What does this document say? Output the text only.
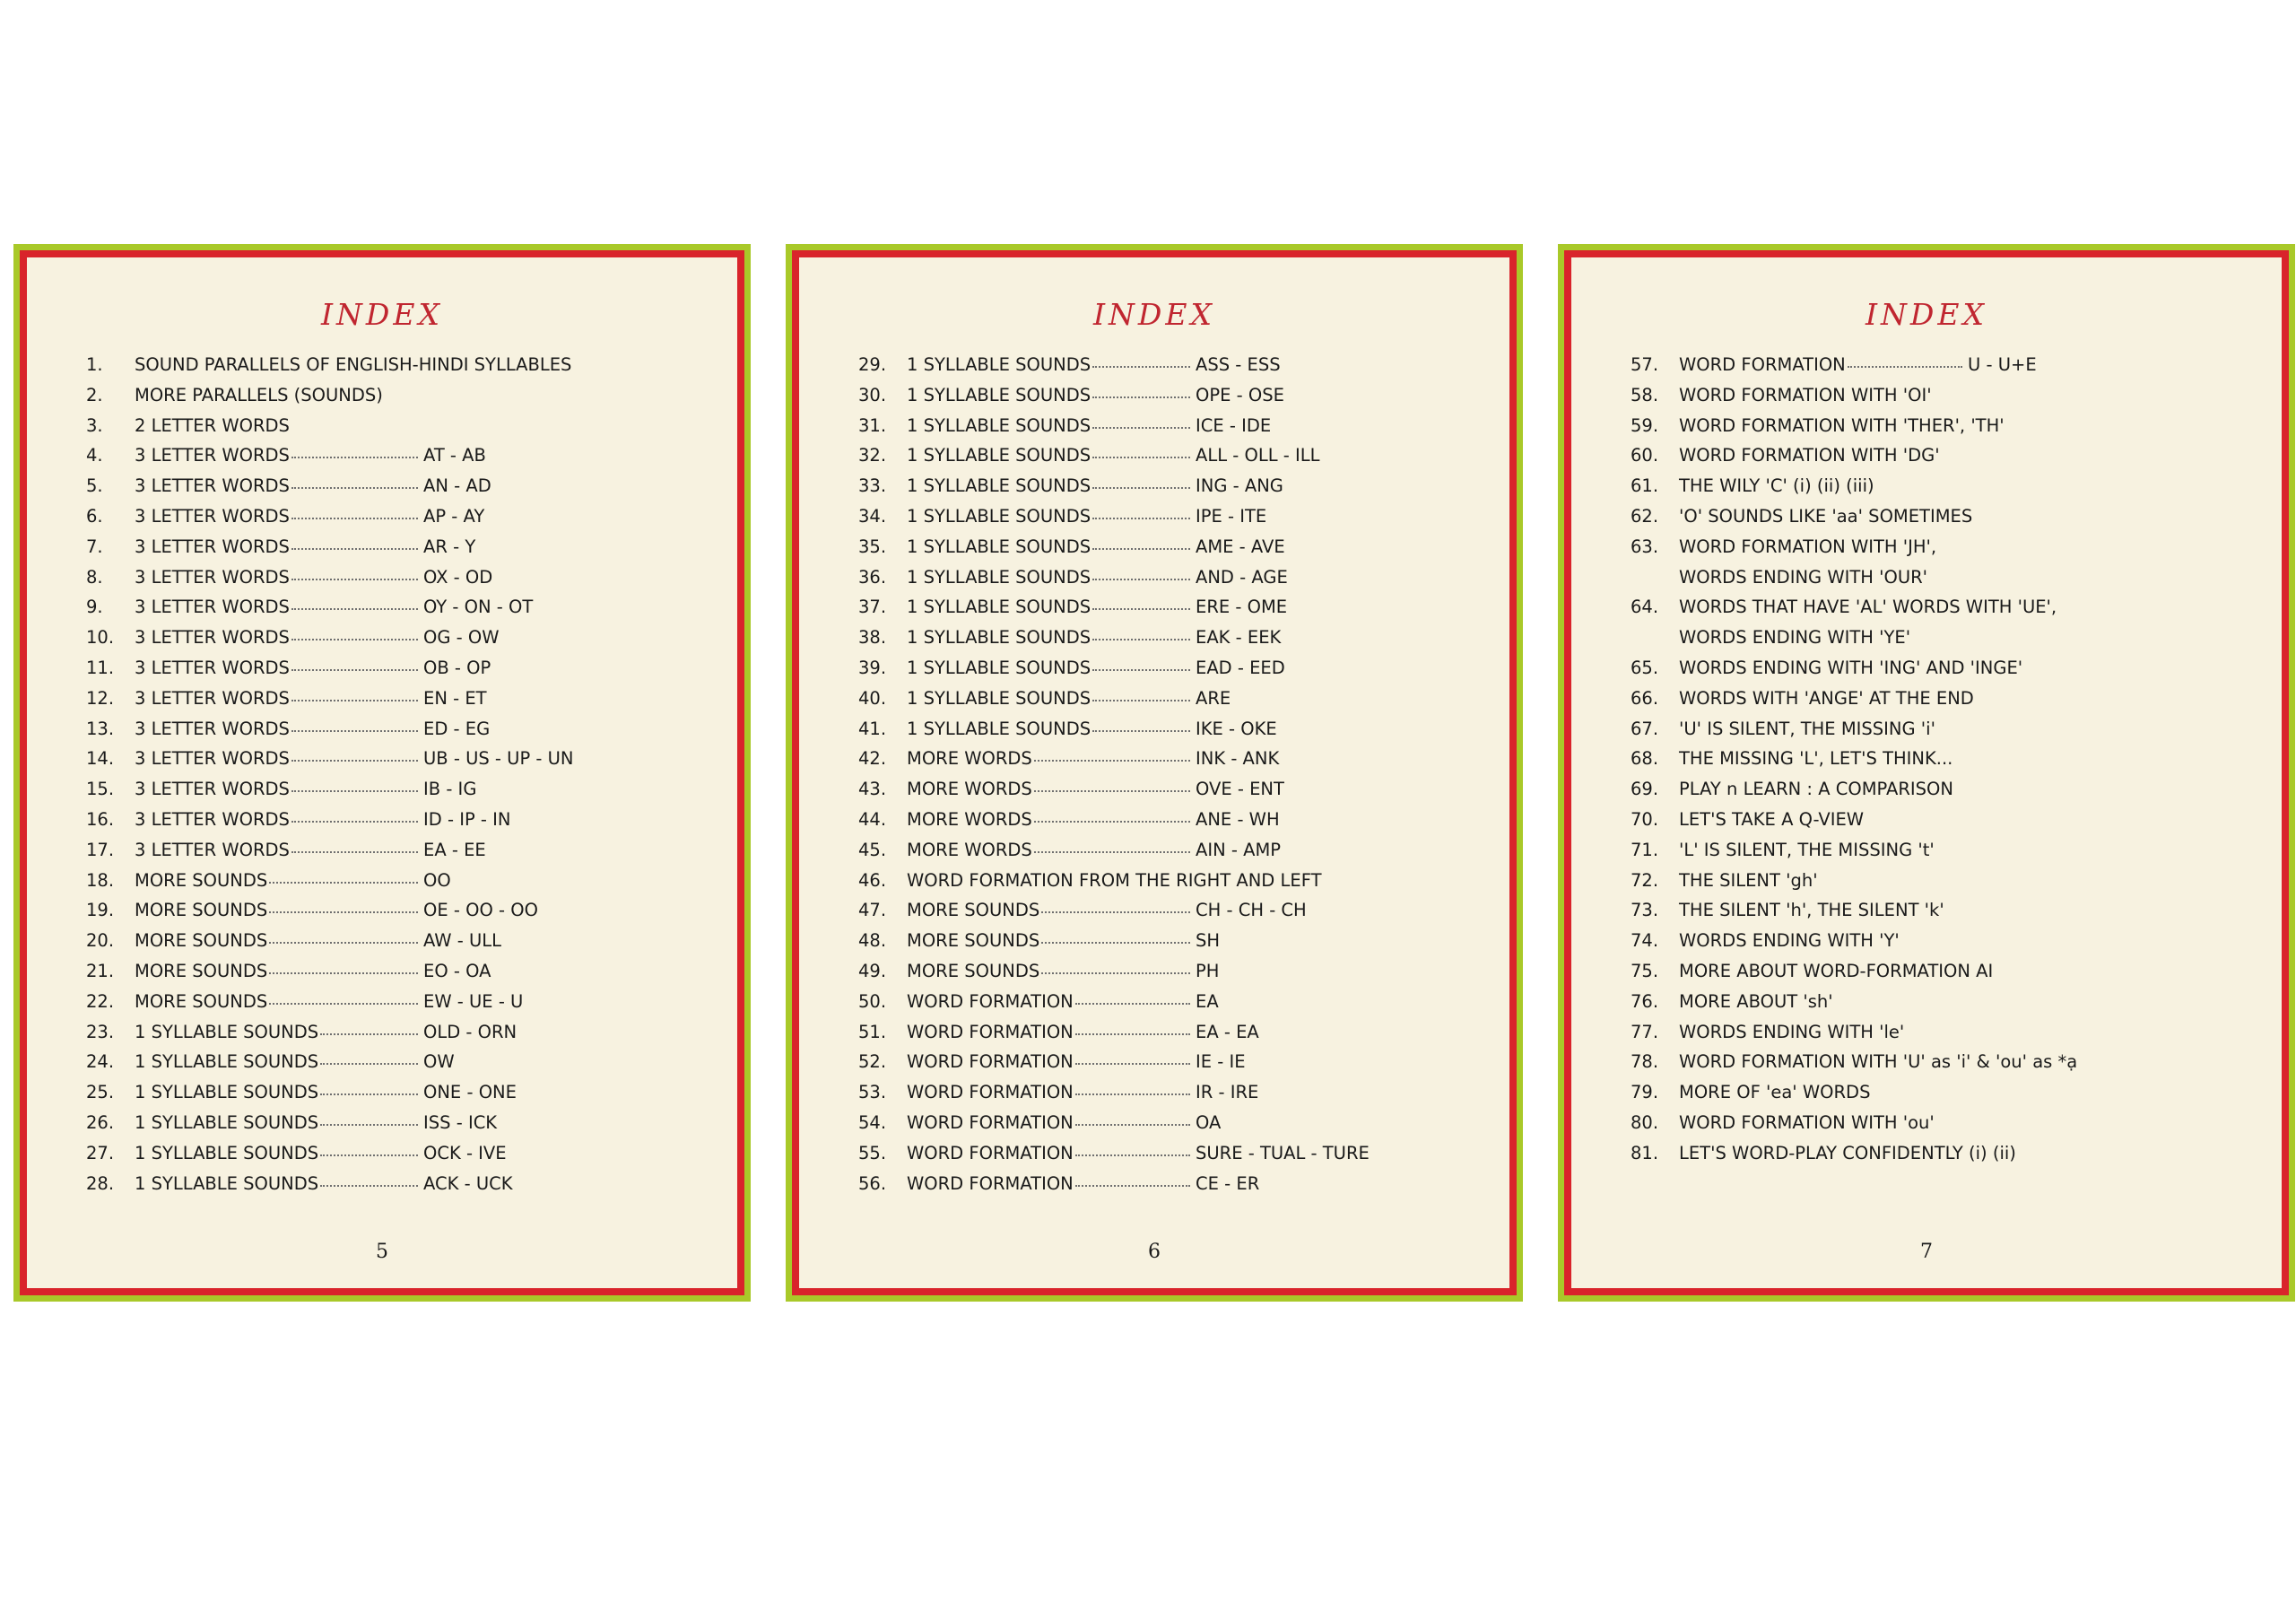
INDEX
1. SOUND PARALLELS OF ENGLISH-HINDI SYLLABLES
2. MORE PARALLELS (SOUNDS)
3. 2 LETTER WORDS
4. 3 LETTER WORDS	AT - AB
5. 3 LETTER WORDS	AN - AD
6. 3 LETTER WORDS	AP - AY
7. 3 LETTER WORDS	AR - Y
8. 3 LETTER WORDS	OX - OD
9. 3 LETTER WORDS	OY - ON - OT
10. 3 LETTER WORDS	OG - OW
11. 3 LETTER WORDS	OB - OP
12. 3 LETTER WORDS	EN - ET
13. 3 LETTER WORDS	ED - EG
14. 3 LETTER WORDS	UB - US - UP - UN
15. 3 LETTER WORDS	IB - IG
16. 3 LETTER WORDS	ID - IP - IN
17. 3 LETTER WORDS	EA - EE
18. MORE SOUNDS	OO
19. MORE SOUNDS	OE - OO - OO
20. MORE SOUNDS	AW - ULL
21. MORE SOUNDS	EO - OA
22. MORE SOUNDS	EW - UE - U
23. 1 SYLLABLE SOUNDS	OLD - ORN
24. 1 SYLLABLE SOUNDS	OW
25. 1 SYLLABLE SOUNDS	ONE - ONE
26. 1 SYLLABLE SOUNDS	ISS - ICK
27. 1 SYLLABLE SOUNDS	OCK - IVE
28. 1 SYLLABLE SOUNDS	ACK - UCK
5
INDEX
29. 1 SYLLABLE SOUNDS	ASS - ESS
30. 1 SYLLABLE SOUNDS	OPE - OSE
31. 1 SYLLABLE SOUNDS	ICE - IDE
32. 1 SYLLABLE SOUNDS	ALL - OLL - ILL
33. 1 SYLLABLE SOUNDS	ING - ANG
34. 1 SYLLABLE SOUNDS	IPE - ITE
35. 1 SYLLABLE SOUNDS	AME - AVE
36. 1 SYLLABLE SOUNDS	AND - AGE
37. 1 SYLLABLE SOUNDS	ERE - OME
38. 1 SYLLABLE SOUNDS	EAK - EEK
39. 1 SYLLABLE SOUNDS	EAD - EED
40. 1 SYLLABLE SOUNDS	ARE
41. 1 SYLLABLE SOUNDS	IKE - OKE
42. MORE WORDS	INK - ANK
43. MORE WORDS	OVE - ENT
44. MORE WORDS	ANE - WH
45. MORE WORDS	AIN - AMP
46. WORD FORMATION FROM THE RIGHT AND LEFT
47. MORE SOUNDS	CH - CH - CH
48. MORE SOUNDS	SH
49. MORE SOUNDS	PH
50. WORD FORMATION	EA
51. WORD FORMATION	EA - EA
52. WORD FORMATION	IE - IE
53. WORD FORMATION	IR - IRE
54. WORD FORMATION	OA
55. WORD FORMATION	SURE - TUAL - TURE
56. WORD FORMATION	CE - ER
6
INDEX
57. WORD FORMATION	U - U+E
58. WORD FORMATION WITH 'OI'
59. WORD FORMATION WITH 'THER', 'TH'
60. WORD FORMATION WITH 'DG'
61. THE WILY 'C' (i) (ii) (iii)
62. 'O' SOUNDS LIKE 'aa' SOMETIMES
63. WORD FORMATION WITH 'JH',
WORDS ENDING WITH 'OUR'
64. WORDS THAT HAVE 'AL' WORDS WITH 'UE',
WORDS ENDING WITH 'YE'
65. WORDS ENDING WITH 'ING' AND 'INGE'
66. WORDS WITH 'ANGE' AT THE END
67. 'U' IS SILENT, THE MISSING 'i'
68. THE MISSING 'L', LET'S THINK...
69. PLAY n LEARN : A COMPARISON
70. LET'S TAKE A Q-VIEW
71. 'L' IS SILENT, THE MISSING 't'
72. THE SILENT 'gh'
73. THE SILENT 'h', THE SILENT 'k'
74. WORDS ENDING WITH 'Y'
75. MORE ABOUT WORD-FORMATION AI
76. MORE ABOUT 'sh'
77. WORDS ENDING WITH 'le'
78. WORD FORMATION WITH 'U' as 'i' & 'ou' as *ạ
79. MORE OF 'ea' WORDS
80. WORD FORMATION WITH 'ou'
81. LET'S WORD-PLAY CONFIDENTLY (i) (ii)
7
